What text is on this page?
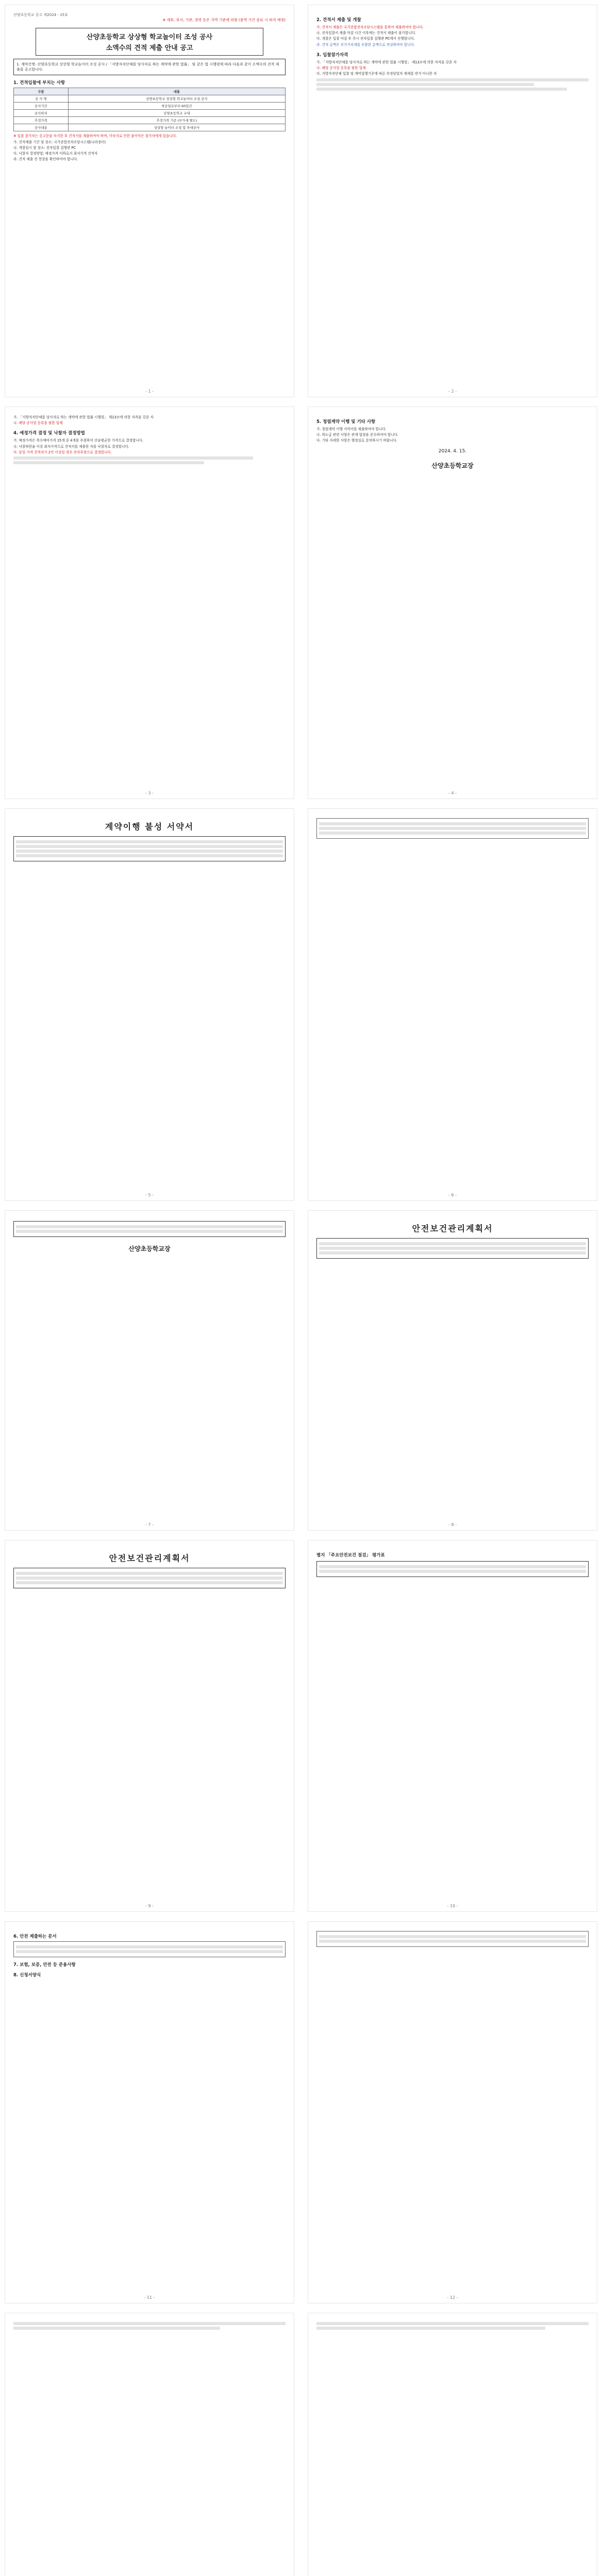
산양초등학교 공고 제2024 - 15호
※ 세부, 부서, 기관, 경력 등은 지역 기준에 의함 (용역 기간 종료 시 퇴직 예정)
산양초등학교 상상형 학교놀이터 조성 공사
소액수의 견적 제출 안내 공고
1. 계약건명: 산양초등학교 상상형 학교놀이터 조성 공사 / 「지방자치단체를 당사자로 하는 계약에 관한 법률」 및 같은 법 시행령에 따라 다음과 같이 소액수의 견적 제출을 공고합니다.
1. 견적입찰에 부치는 사항
구분	내용
공 사 명	산양초등학교 상상형 학교놀이터 조성 공사
공사기간	착공일로부터 60일간
공사위치	산양초등학교 교내
추정가격	추정가격 기준 (부가세 별도)
공사내용	상상형 놀이터 조성 및 부대공사
※ 입찰 참가자는 공고문을 숙지한 후 견적서를 제출하여야 하며, 미숙지로 인한 불이익은 참가자에게 있습니다.
가. 견적제출 기간 및 장소: 국가종합전자조달시스템(나라장터)
나. 개찰일시 및 장소: 전자입찰 집행관 PC
다. 낙찰자 결정방법: 예정가격 이하로서 최저가격 견적자
라. 견적 제출 전 현장을 확인하여야 합니다.
- 1 -
2. 견적서 제출 및 개찰
가. 견적서 제출은 국가종합전자조달시스템을 통하여 제출하여야 합니다.
나. 전자입찰서 제출 마감 시간 이후에는 견적서 제출이 불가합니다.
다. 개찰은 입찰 마감 후 즉시 전자입찰 집행관 PC에서 진행합니다.
라. 견적 금액은 부가가치세를 포함한 총액으로 작성하여야 합니다.
3. 입찰참가자격
가. 「지방자치단체를 당사자로 하는 계약에 관한 법률 시행령」 제13조에 의한 자격을 갖춘 자
나. 해당 공사업 등록을 필한 업체
다. 지방자치단체 입찰 및 계약집행기준에 따른 부정당업자 제재를 받지 아니한 자
- 2 -
가. 「지방자치단체를 당사자로 하는 계약에 관한 법률 시행령」 제13조에 의한 자격을 갖춘 자
나. 해당 공사업 등록을 필한 업체
4. 예정가격 결정 및 낙찰자 결정방법
가. 예정가격은 복수예비가격 15개 중 4개를 추첨하여 산술평균한 가격으로 결정합니다.
나. 낙찰하한율 이상 최저가격으로 견적서를 제출한 자를 낙찰자로 결정합니다.
다. 동일 가격 견적자가 2인 이상일 경우 전자추첨으로 결정합니다.
- 3 -
5. 청렴계약 이행 및 기타 사항
가. 청렴계약 이행 서약서를 제출하여야 합니다.
나. 하도급 관련 사항은 관계 법령을 준수하여야 합니다.
다. 기타 자세한 사항은 행정실로 문의하시기 바랍니다.
2024. 4. 15.
산양초등학교장
- 4 -
계약이행 불성 서약서
- 5 -	- 6 -
산양초등학교장
- 7 -
안전보건관리계획서
- 8 -
안전보건관리계획서
- 9 -
별지 「주요안전보건 점검」 평가표
- 10 -
6. 안전 제출하는 문서
7. 보험, 보증, 안전 등 준용사항
8. 신청서양식
- 11 -	- 12 -
